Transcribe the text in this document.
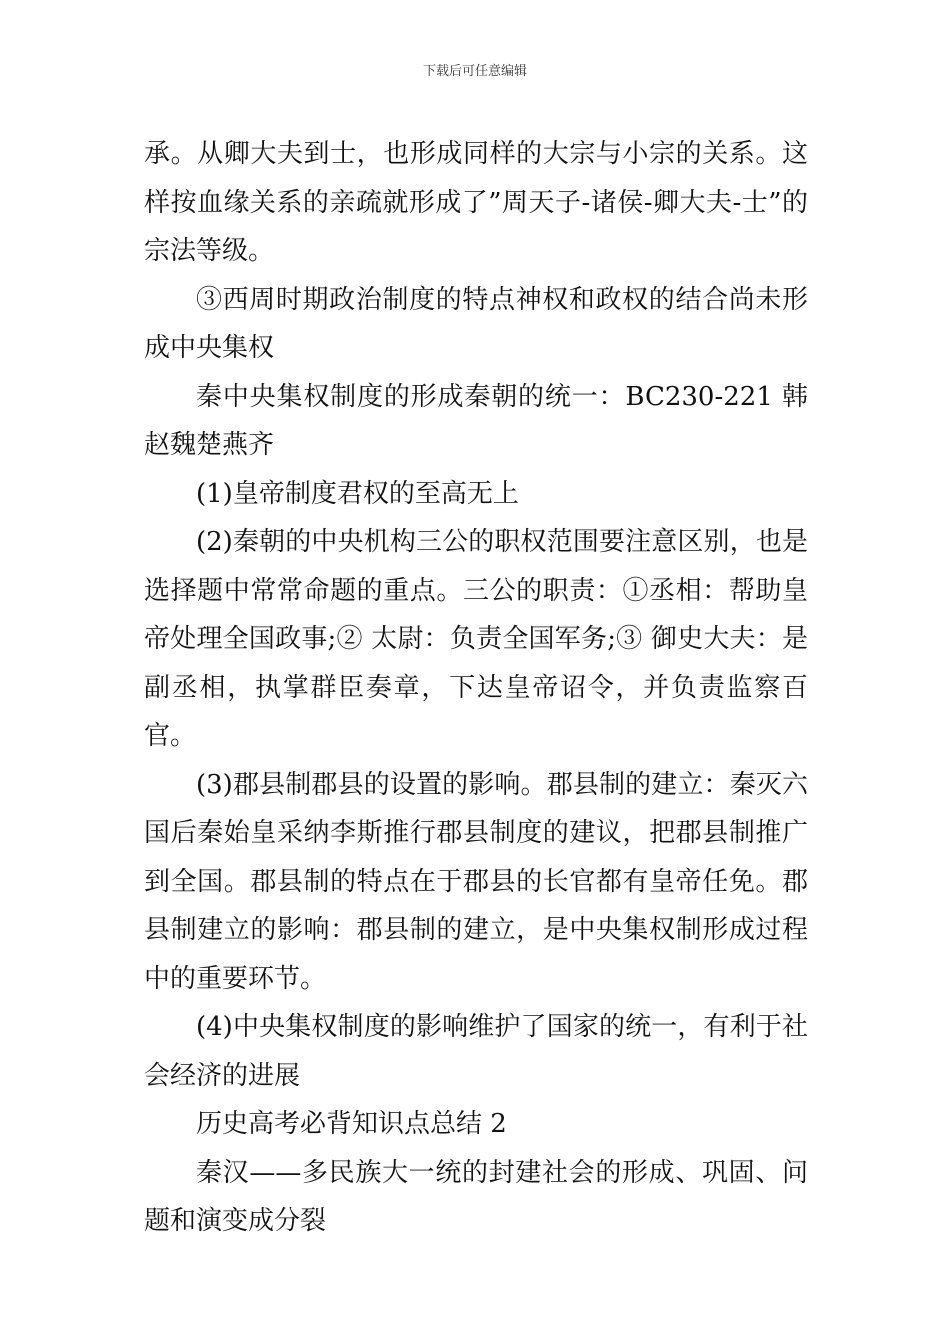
下载后可任意编辑

承。从卿大夫到士，也形成同样的大宗与小宗的关系。这样按血缘关系的亲疏就形成了”周天子-诸侯-卿大夫-士”的宗法等级。

③西周时期政治制度的特点神权和政权的结合尚未形成中央集权

秦中央集权制度的形成秦朝的统一：BC230-221 韩赵魏楚燕齐

(1)皇帝制度君权的至高无上

(2)秦朝的中央机构三公的职权范围要注意区别，也是选择题中常常命题的重点。三公的职责：①丞相：帮助皇帝处理全国政事;② 太尉：负责全国军务;③ 御史大夫：是副丞相，执掌群臣奏章，下达皇帝诏令，并负责监察百官。

(3)郡县制郡县的设置的影响。郡县制的建立：秦灭六国后秦始皇采纳李斯推行郡县制度的建议，把郡县制推广到全国。郡县制的特点在于郡县的长官都有皇帝任免。郡县制建立的影响：郡县制的建立，是中央集权制形成过程中的重要环节。

(4)中央集权制度的影响维护了国家的统一，有利于社会经济的进展

历史高考必背知识点总结 2

秦汉——多民族大一统的封建社会的形成、巩固、问题和演变成分裂
